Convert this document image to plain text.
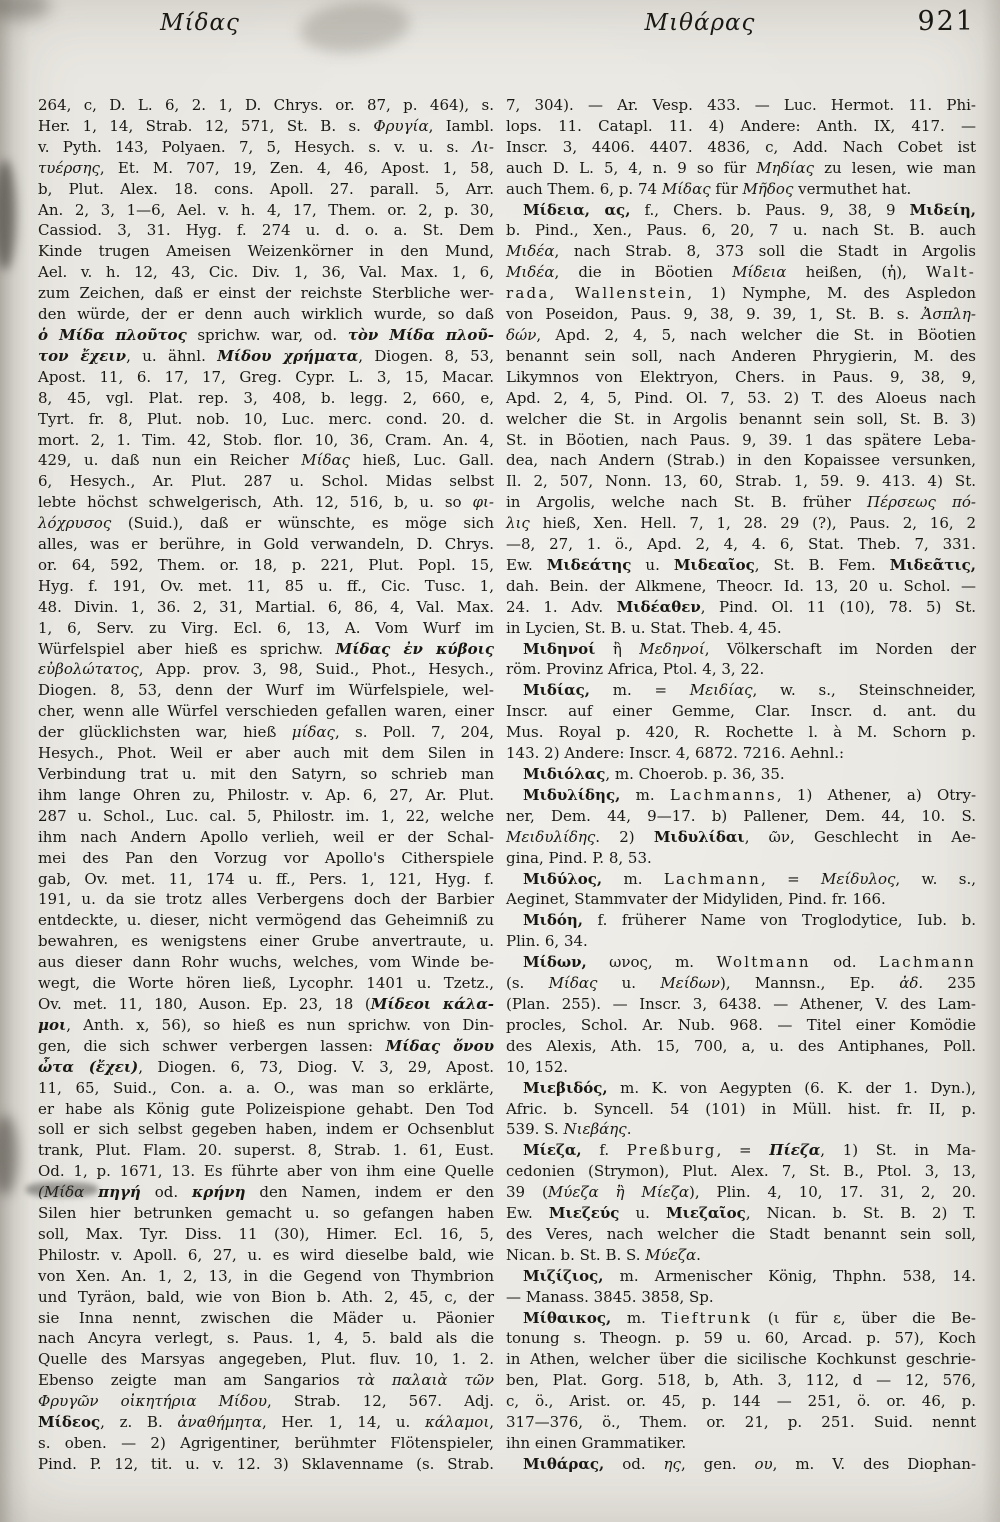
Μίδας	Μιθάρας	921
264, c, D. L. 6, 2. 1, D. Chrys. or. 87, p. 464), s.
Her. 1, 14, Strab. 12, 571, St. B. s. Φρυγία, Iambl.
v. Pyth. 143, Polyaen. 7, 5, Hesych. s. v. u. s. Λι-
τυέρσης, Et. M. 707, 19, Zen. 4, 46, Apost. 1, 58,
b, Plut. Alex. 18. cons. Apoll. 27. parall. 5, Arr.
An. 2, 3, 1—6, Ael. v. h. 4, 17, Them. or. 2, p. 30,
Cassiod. 3, 31. Hyg. f. 274 u. d. o. a. St. Dem
Kinde trugen Ameisen Weizenkörner in den Mund,
Ael. v. h. 12, 43, Cic. Div. 1, 36, Val. Max. 1, 6,
zum Zeichen, daß er einst der reichste Sterbliche wer-
den würde, der er denn auch wirklich wurde, so daß
ὁ Μίδα πλοῦτος sprichw. war, od. τὸν Μίδα πλοῦ-
τον ἔχειν, u. ähnl. Μίδου χρήματα, Diogen. 8, 53,
Apost. 11, 6. 17, 17, Greg. Cypr. L. 3, 15, Macar.
8, 45, vgl. Plat. rep. 3, 408, b. legg. 2, 660, e,
Tyrt. fr. 8, Plut. nob. 10, Luc. merc. cond. 20. d.
mort. 2, 1. Tim. 42, Stob. flor. 10, 36, Cram. An. 4,
429, u. daß nun ein Reicher Μίδας hieß, Luc. Gall.
6, Hesych., Ar. Plut. 287 u. Schol. Midas selbst
lebte höchst schwelgerisch, Ath. 12, 516, b, u. so φι-
λόχρυσος (Suid.), daß er wünschte, es möge sich
alles, was er berühre, in Gold verwandeln, D. Chrys.
or. 64, 592, Them. or. 18, p. 221, Plut. Popl. 15,
Hyg. f. 191, Ov. met. 11, 85 u. ff., Cic. Tusc. 1,
48. Divin. 1, 36. 2, 31, Martial. 6, 86, 4, Val. Max.
1, 6, Serv. zu Virg. Ecl. 6, 13, A. Vom Wurf im
Würfelspiel aber hieß es sprichw. Μίδας ἐν κύβοις
εὐβολώτατος, App. prov. 3, 98, Suid., Phot., Hesych.,
Diogen. 8, 53, denn der Wurf im Würfelspiele, wel-
cher, wenn alle Würfel verschieden gefallen waren, einer
der glücklichsten war, hieß μίδας, s. Poll. 7, 204,
Hesych., Phot. Weil er aber auch mit dem Silen in
Verbindung trat u. mit den Satyrn, so schrieb man
ihm lange Ohren zu, Philostr. v. Ap. 6, 27, Ar. Plut.
287 u. Schol., Luc. cal. 5, Philostr. im. 1, 22, welche
ihm nach Andern Apollo verlieh, weil er der Schal-
mei des Pan den Vorzug vor Apollo's Citherspiele
gab, Ov. met. 11, 174 u. ff., Pers. 1, 121, Hyg. f.
191, u. da sie trotz alles Verbergens doch der Barbier
entdeckte, u. dieser, nicht vermögend das Geheimniß zu
bewahren, es wenigstens einer Grube anvertraute, u.
aus dieser dann Rohr wuchs, welches, vom Winde be-
wegt, die Worte hören ließ, Lycophr. 1401 u. Tzetz.,
Ov. met. 11, 180, Auson. Ep. 23, 18 (Μίδεοι κάλα-
μοι, Anth. x, 56), so hieß es nun sprichw. von Din-
gen, die sich schwer verbergen lassen: Μίδας ὄνου
ὦτα (ἔχει), Diogen. 6, 73, Diog. V. 3, 29, Apost.
11, 65, Suid., Con. a. a. O., was man so erklärte,
er habe als König gute Polizeispione gehabt. Den Tod
soll er sich selbst gegeben haben, indem er Ochsenblut
trank, Plut. Flam. 20. superst. 8, Strab. 1. 61, Eust.
Od. 1, p. 1671, 13. Es führte aber von ihm eine Quelle
(Μίδα πηγή od. κρήνη den Namen, indem er den
Silen hier betrunken gemacht u. so gefangen haben
soll, Max. Tyr. Diss. 11 (30), Himer. Ecl. 16, 5,
Philostr. v. Apoll. 6, 27, u. es wird dieselbe bald, wie
von Xen. An. 1, 2, 13, in die Gegend von Thymbrion
und Tyräon, bald, wie von Bion b. Ath. 2, 45, c, der
sie Inna nennt, zwischen die Mäder u. Päonier
nach Ancyra verlegt, s. Paus. 1, 4, 5. bald als die
Quelle des Marsyas angegeben, Plut. fluv. 10, 1. 2.
Ebenso zeigte man am Sangarios τὰ παλαιὰ τῶν
Φρυγῶν οἰκητήρια Μίδου, Strab. 12, 567. Adj.
Μίδεος, z. B. ἀναθήμητα, Her. 1, 14, u. κάλαμοι,
s. oben. — 2) Agrigentiner, berühmter Flötenspieler,
Pind. P. 12, tit. u. v. 12. 3) Sklavenname (s. Strab.
7, 304). — Ar. Vesp. 433. — Luc. Hermot. 11. Phi-
lops. 11. Catapl. 11. 4) Andere: Anth. IX, 417. —
Inscr. 3, 4406. 4407. 4836, c, Add. Nach Cobet ist
auch D. L. 5, 4, n. 9 so für Μηδίας zu lesen, wie man
auch Them. 6, p. 74 Μίδας für Μῆδος vermuthet hat.
Μίδεια, ας, f., Chers. b. Paus. 9, 38, 9 Μιδείη,
b. Pind., Xen., Paus. 6, 20, 7 u. nach St. B. auch
Μιδέα, nach Strab. 8, 373 soll die Stadt in Argolis
Μιδέα, die in Böotien Μίδεια heißen, (ἡ), Walt-
rada, Wallenstein, 1) Nymphe, M. des Aspledon
von Poseidon, Paus. 9, 38, 9. 39, 1, St. B. s. Ἀσπλη-
δών, Apd. 2, 4, 5, nach welcher die St. in Böotien
benannt sein soll, nach Anderen Phrygierin, M. des
Likymnos von Elektryon, Chers. in Paus. 9, 38, 9,
Apd. 2, 4, 5, Pind. Ol. 7, 53. 2) T. des Aloeus nach
welcher die St. in Argolis benannt sein soll, St. B. 3)
St. in Böotien, nach Paus. 9, 39. 1 das spätere Leba-
dea, nach Andern (Strab.) in den Kopaissee versunken,
Il. 2, 507, Nonn. 13, 60, Strab. 1, 59. 9. 413. 4) St.
in Argolis, welche nach St. B. früher Πέρσεως πό-
λις hieß, Xen. Hell. 7, 1, 28. 29 (?), Paus. 2, 16, 2
—8, 27, 1. ö., Apd. 2, 4, 4. 6, Stat. Theb. 7, 331.
Ew. Μιδεάτης u. Μιδεαῖος, St. B. Fem. Μιδεᾶτις,
dah. Bein. der Alkmene, Theocr. Id. 13, 20 u. Schol. —
24. 1. Adv. Μιδέαθεν, Pind. Ol. 11 (10), 78. 5) St.
in Lycien, St. B. u. Stat. Theb. 4, 45.
Μιδηνοί ἢ Μεδηνοί, Völkerschaft im Norden der
röm. Provinz Africa, Ptol. 4, 3, 22.
Μιδίας, m. = Μειδίας, w. s., Steinschneider,
Inscr. auf einer Gemme, Clar. Inscr. d. ant. du
Mus. Royal p. 420, R. Rochette l. à M. Schorn p.
143. 2) Andere: Inscr. 4, 6872. 7216. Aehnl.:
Μιδιόλας, m. Choerob. p. 36, 35.
Μιδυλίδης, m. Lachmanns, 1) Athener, a) Otry-
ner, Dem. 44, 9—17. b) Pallener, Dem. 44, 10. S.
Μειδυλίδης. 2) Μιδυλίδαι, ῶν, Geschlecht in Ae-
gina, Pind. P. 8, 53.
Μιδύλος, m. Lachmann, = Μείδυλος, w. s.,
Aeginet, Stammvater der Midyliden, Pind. fr. 166.
Μιδόη, f. früherer Name von Troglodytice, Iub. b.
Plin. 6, 34.
Μίδων, ωνος, m. Woltmann od. Lachmann
(s. Μίδας u. Μείδων), Mannsn., Ep. ἀδ. 235
(Plan. 255). — Inscr. 3, 6438. — Athener, V. des Lam-
procles, Schol. Ar. Nub. 968. — Titel einer Komödie
des Alexis, Ath. 15, 700, a, u. des Antiphanes, Poll.
10, 152.
Μιεβιδός, m. K. von Aegypten (6. K. der 1. Dyn.),
Afric. b. Syncell. 54 (101) in Müll. hist. fr. II, p.
539. S. Νιεβάης.
Μίεζα, f. Preßburg, = Πίεζα, 1) St. in Ma-
cedonien (Strymon), Plut. Alex. 7, St. B., Ptol. 3, 13,
39 (Μύεζα ἢ Μίεζα), Plin. 4, 10, 17. 31, 2, 20.
Ew. Μιεζεύς u. Μιεζαῖος, Nican. b. St. B. 2) T.
des Veres, nach welcher die Stadt benannt sein soll,
Nican. b. St. B. S. Μύεζα.
Μιζίζιος, m. Armenischer König, Thphn. 538, 14.
— Manass. 3845. 3858, Sp.
Μίθαικος, m. Tieftrunk (ι für ε, über die Be-
tonung s. Theogn. p. 59 u. 60, Arcad. p. 57), Koch
in Athen, welcher über die sicilische Kochkunst geschrie-
ben, Plat. Gorg. 518, b, Ath. 3, 112, d — 12, 576,
c, ö., Arist. or. 45, p. 144 — 251, ö. or. 46, p.
317—376, ö., Them. or. 21, p. 251. Suid. nennt
ihn einen Grammatiker.
Μιθάρας, od. ης, gen. ου, m. V. des Diophan-
